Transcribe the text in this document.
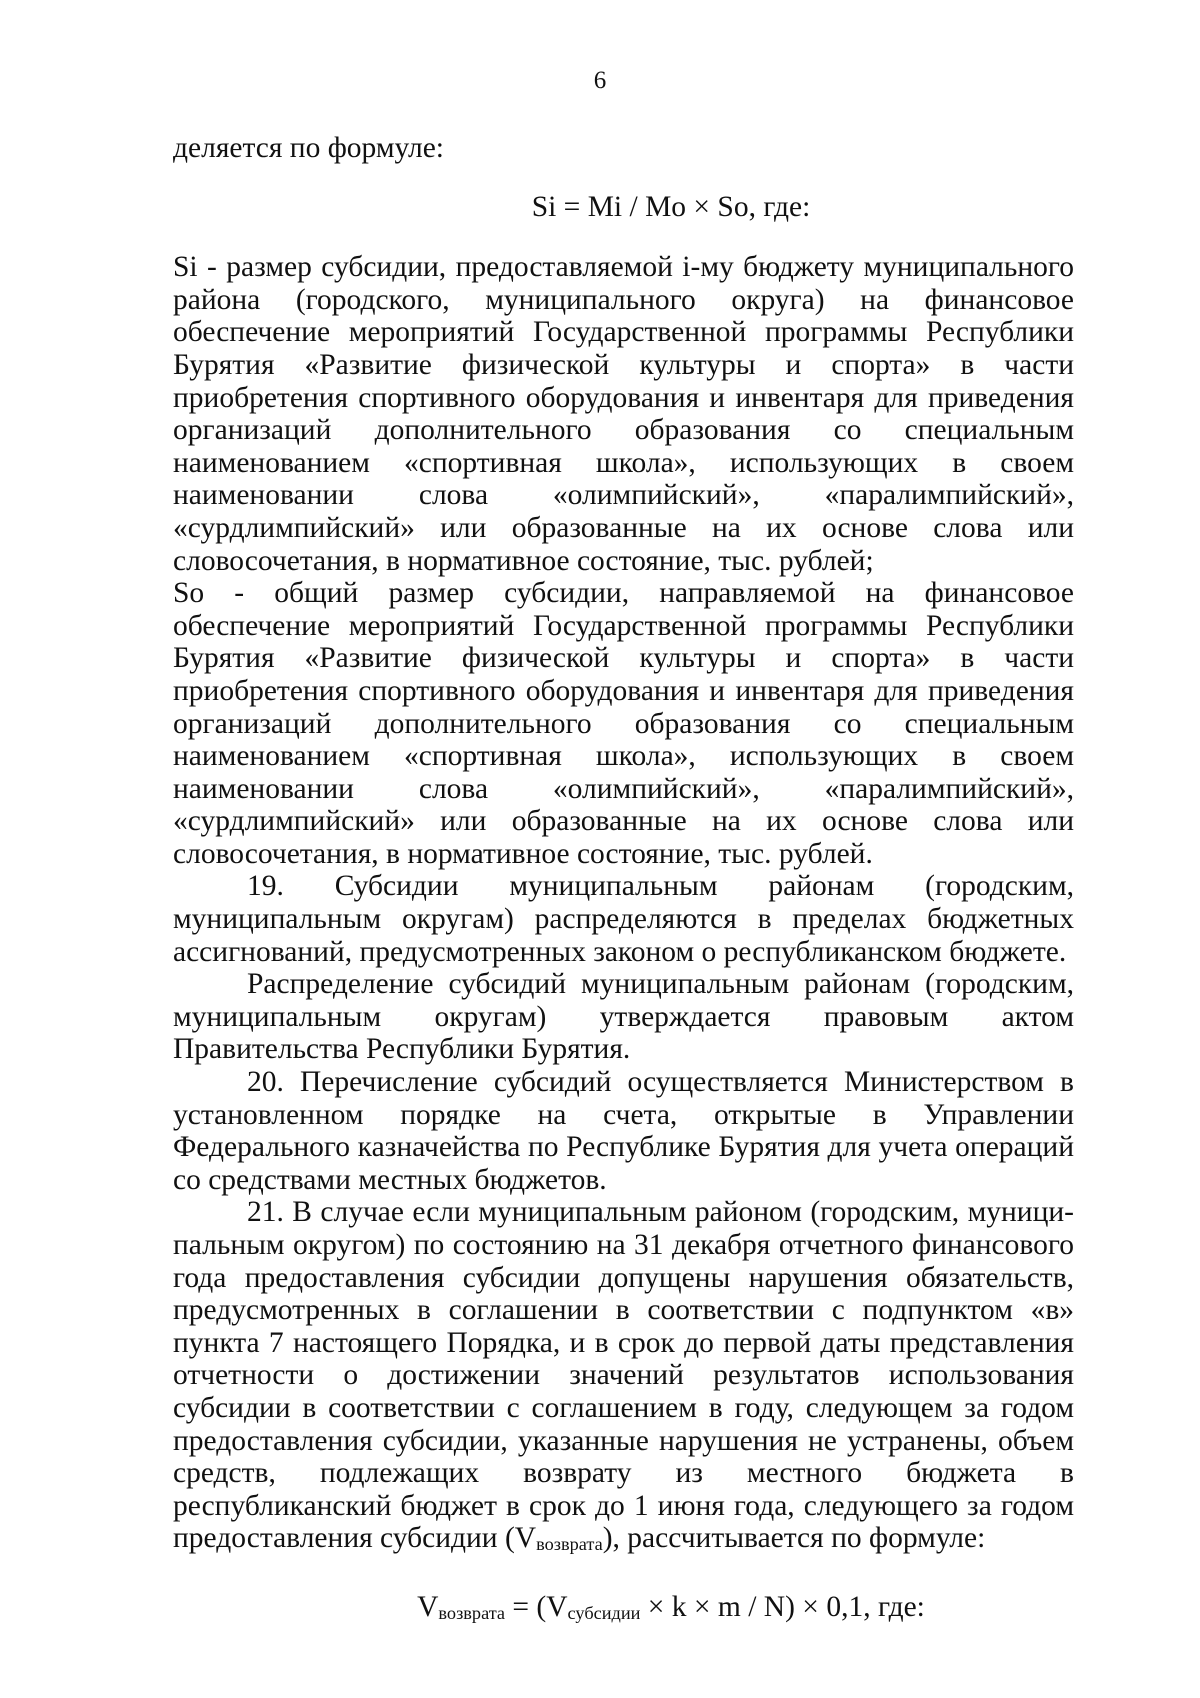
6

деляется по формуле:

Si = Mi / Mo × So, где:

Si - размер субсидии, предоставляемой i-му бюджету муниципального района (городского, муниципального округа) на финансовое обеспечение мероприятий Государственной программы Республики Бурятия «Развитие физической культуры и спорта» в части приобретения спортивного оборудования и инвентаря для приведения организаций дополнительного образования со специальным наименованием «спортивная школа», использующих в своем наименовании слова «олимпийский», «паралимпийский», «сурдлимпийский» или образованные на их основе слова или словосочетания, в нормативное состояние, тыс. рублей;

So - общий размер субсидии, направляемой на финансовое обеспечение мероприятий Государственной программы Республики Бурятия «Развитие физической культуры и спорта» в части приобретения спортивного оборудования и инвентаря для приведения организаций дополнительного образования со специальным наименованием «спортивная школа», использующих в своем наименовании слова «олимпийский», «паралимпийский», «сурдлимпийский» или образованные на их основе слова или словосочетания, в нормативное состояние, тыс. рублей.

19. Субсидии муниципальным районам (городским, муниципальным округам) распределяются в пределах бюджетных ассигнований, предусмотренных законом о республиканском бюджете.

Распределение субсидий муниципальным районам (городским, муниципальным округам) утверждается правовым актом Правительства Республики Бурятия.

20. Перечисление субсидий осуществляется Министерством в установленном порядке на счета, открытые в Управлении Федерального казначейства по Республике Бурятия для учета операций со средствами местных бюджетов.

21. В случае если муниципальным районом (городским, муниципальным округом) по состоянию на 31 декабря отчетного финансового года предоставления субсидии допущены нарушения обязательств, предусмотренных в соглашении в соответствии с подпунктом «в» пункта 7 настоящего Порядка, и в срок до первой даты представления отчетности о достижении значений результатов использования субсидии в соответствии с соглашением в году, следующем за годом предоставления субсидии, указанные нарушения не устранены, объем средств, подлежащих возврату из местного бюджета в республиканский бюджет в срок до 1 июня года, следующего за годом предоставления субсидии (Vвозврата), рассчитывается по формуле:

Vвозврата = (Vсубсидии × k × m / N) × 0,1, где:
